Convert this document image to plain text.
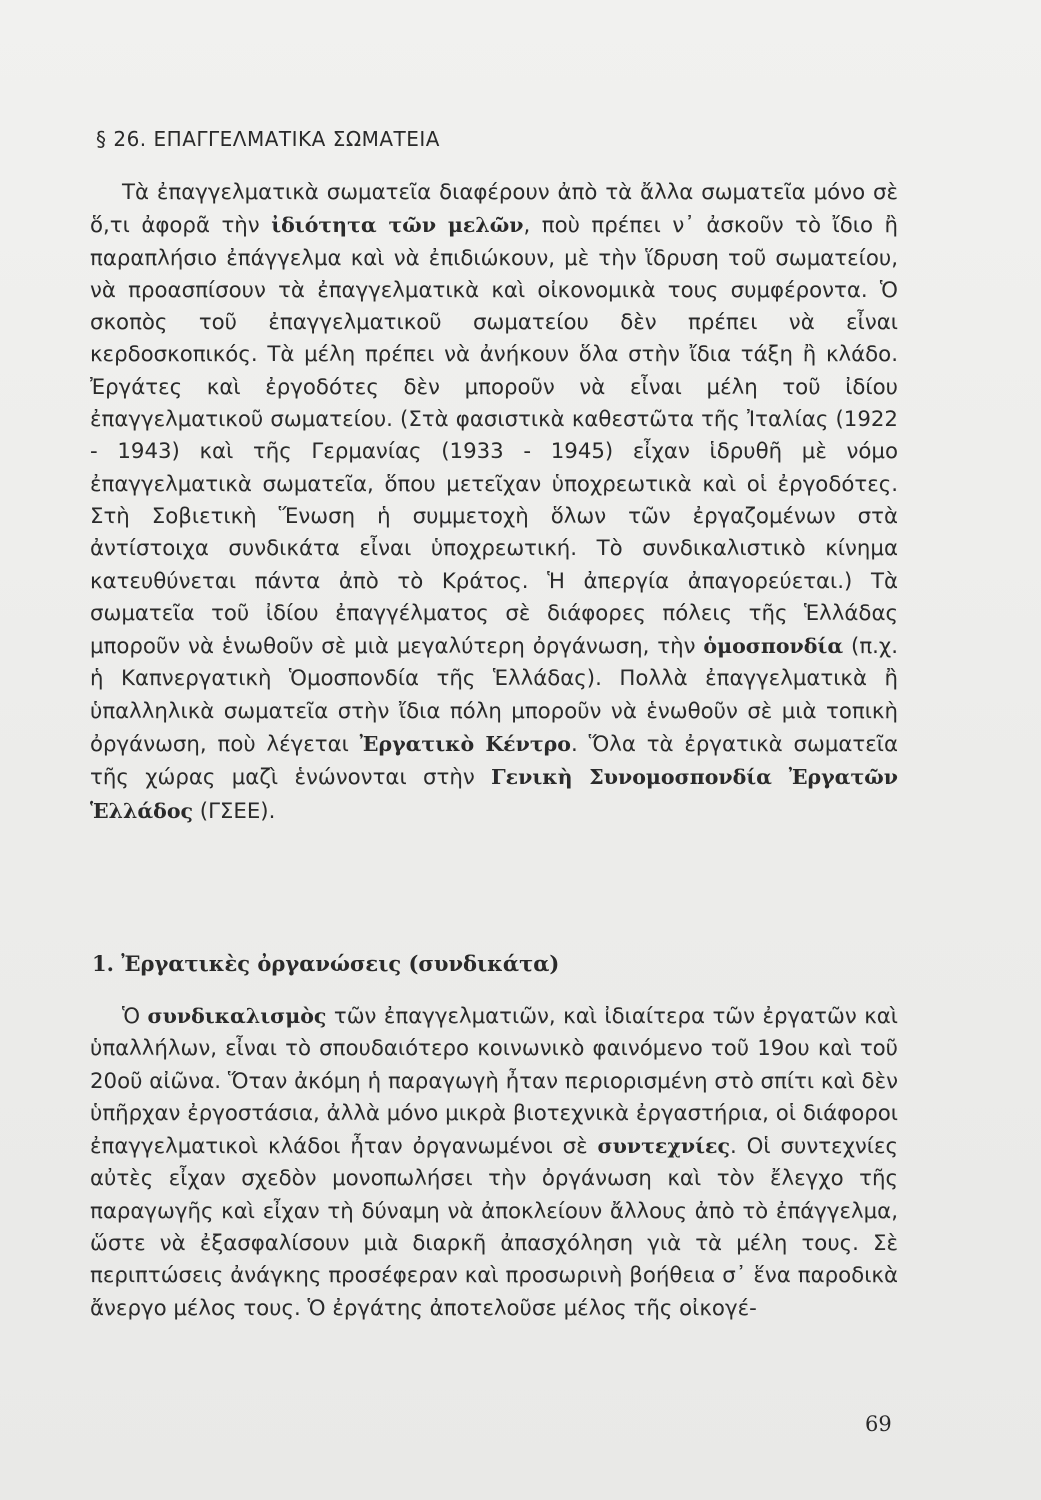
§ 26. ΕΠΑΓΓΕΛΜΑΤΙΚΑ ΣΩΜΑΤΕΙΑ

Τὰ ἐπαγγελματικὰ σωματεῖα διαφέρουν ἀπὸ τὰ ἄλλα σωματεῖα μόνο σὲ ὅ,τι ἀφορᾶ τὴν ἰδιότητα τῶν μελῶν, ποὺ πρέπει ν᾽ ἀσκοῦν τὸ ἴδιο ἢ παραπλήσιο ἐπάγγελμα καὶ νὰ ἐπιδιώκουν, μὲ τὴν ἵδρυση τοῦ σωματείου, νὰ προασπίσουν τὰ ἐπαγγελματικὰ καὶ οἰκονομικὰ τους συμφέροντα. Ὁ σκοπὸς τοῦ ἐπαγγελματικοῦ σωματείου δὲν πρέπει νὰ εἶναι κερδοσκοπικός. Τὰ μέλη πρέπει νὰ ἀνήκουν ὅλα στὴν ἴδια τάξη ἢ κλάδο. Ἐργάτες καὶ ἐργοδότες δὲν μποροῦν νὰ εἶναι μέλη τοῦ ἰδίου ἐπαγγελματικοῦ σωματείου. (Στὰ φασιστικὰ καθεστῶτα τῆς Ἰταλίας (1922 - 1943) καὶ τῆς Γερμανίας (1933 - 1945) εἶχαν ἱδρυθῆ μὲ νόμο ἐπαγγελματικὰ σωματεῖα, ὅπου μετεῖχαν ὑποχρεωτικὰ καὶ οἱ ἐργοδότες. Στὴ Σοβιετικὴ Ἕνωση ἡ συμμετοχὴ ὅλων τῶν ἐργαζομένων στὰ ἀντίστοιχα συνδικάτα εἶναι ὑποχρεωτική. Τὸ συνδικαλιστικὸ κίνημα κατευθύνεται πάντα ἀπὸ τὸ Κράτος. Ἡ ἀπεργία ἀπαγορεύεται.) Τὰ σωματεῖα τοῦ ἰδίου ἐπαγγέλματος σὲ διάφορες πόλεις τῆς Ἑλλάδας μποροῦν νὰ ἑνωθοῦν σὲ μιὰ μεγαλύτερη ὀργάνωση, τὴν ὁμοσπονδία (π.χ. ἡ Καπνεργατικὴ Ὁμοσπονδία τῆς Ἑλλάδας). Πολλὰ ἐπαγγελματικὰ ἢ ὑπαλληλικὰ σωματεῖα στὴν ἴδια πόλη μποροῦν νὰ ἑνωθοῦν σὲ μιὰ τοπικὴ ὀργάνωση, ποὺ λέγεται Ἐργατικὸ Κέντρο. Ὅλα τὰ ἐργατικὰ σωματεῖα τῆς χώρας μαζὶ ἑνώνονται στὴν Γενικὴ Συνομοσπονδία Ἐργατῶν Ἑλλάδος (ΓΣΕΕ).

1. Ἐργατικὲς ὀργανώσεις (συνδικάτα)

Ὁ συνδικαλισμὸς τῶν ἐπαγγελματιῶν, καὶ ἰδιαίτερα τῶν ἐργατῶν καὶ ὑπαλλήλων, εἶναι τὸ σπουδαιότερο κοινωνικὸ φαινόμενο τοῦ 19ου καὶ τοῦ 20οῦ αἰῶνα. Ὅταν ἀκόμη ἡ παραγωγὴ ἦταν περιορισμένη στὸ σπίτι καὶ δὲν ὑπῆρχαν ἐργοστάσια, ἀλλὰ μόνο μικρὰ βιοτεχνικὰ ἐργαστήρια, οἱ διάφοροι ἐπαγγελματικοὶ κλάδοι ἦταν ὀργανωμένοι σὲ συντεχνίες. Οἱ συντεχνίες αὐτὲς εἶχαν σχεδὸν μονοπωλήσει τὴν ὀργάνωση καὶ τὸν ἔλεγχο τῆς παραγωγῆς καὶ εἶχαν τὴ δύναμη νὰ ἀποκλείουν ἄλλους ἀπὸ τὸ ἐπάγγελμα, ὥστε νὰ ἐξασφαλίσουν μιὰ διαρκῆ ἀπασχόληση γιὰ τὰ μέλη τους. Σὲ περιπτώσεις ἀνάγκης προσέφεραν καὶ προσωρινὴ βοήθεια σ᾽ ἕνα παροδικὰ ἄνεργο μέλος τους. Ὁ ἐργάτης ἀποτελοῦσε μέλος τῆς οἰκογέ-

69
